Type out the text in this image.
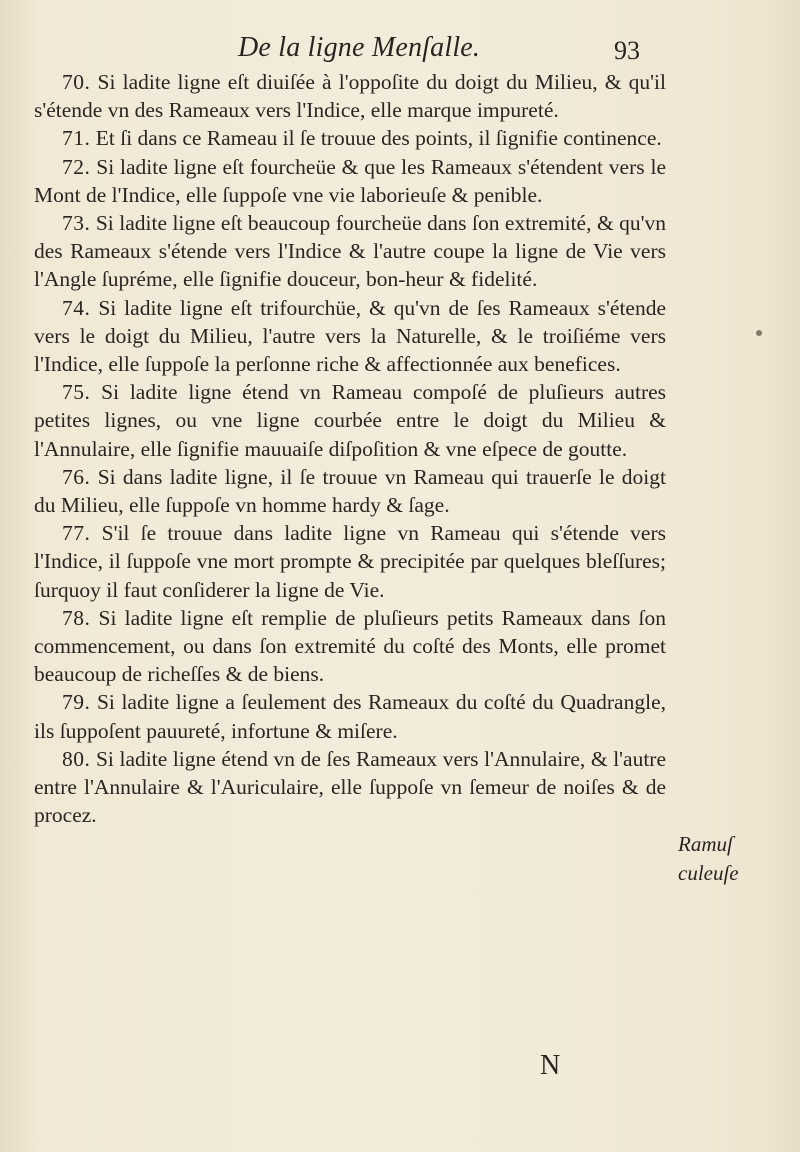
De la ligne Menſalle.	93

70. Si ladite ligne eſt diuiſée à l'oppoſite du doigt du Milieu, & qu'il s'étende vn des Rameaux vers l'Indice, elle marque impureté.

71. Et ſi dans ce Rameau il ſe trouue des points, il ſignifie continence.

72. Si ladite ligne eſt fourcheüe & que les Rameaux s'étendent vers le Mont de l'Indice, elle ſuppoſe vne vie laborieuſe & penible.

73. Si ladite ligne eſt beaucoup fourcheüe dans ſon extremité, & qu'vn des Rameaux s'étende vers l'Indice & l'autre coupe la ligne de Vie vers l'Angle ſupréme, elle ſignifie douceur, bon-heur & fidelité.

74. Si ladite ligne eſt trifourchüe, & qu'vn de ſes Rameaux s'étende vers le doigt du Milieu, l'autre vers la Naturelle, & le troiſiéme vers l'Indice, elle ſuppoſe la perſonne riche & affectionnée aux benefices.

75. Si ladite ligne étend vn Rameau compoſé de pluſieurs autres petites lignes, ou vne ligne courbée entre le doigt du Milieu & l'Annulaire, elle ſignifie mauuaiſe diſpoſition & vne eſpece de goutte.

76. Si dans ladite ligne, il ſe trouue vn Rameau qui trauerſe le doigt du Milieu, elle ſuppoſe vn homme hardy & ſage.

77. S'il ſe trouue dans ladite ligne vn Rameau qui s'étende vers l'Indice, il ſuppoſe vne mort prompte & precipitée par quelques bleſſures; ſurquoy il faut conſiderer la ligne de Vie.

78. Si ladite ligne eſt remplie de pluſieurs petits Rameaux dans ſon commencement, ou dans ſon extremité du coſté des Monts, elle promet beaucoup de richeſſes & de biens.

79. Si ladite ligne a ſeulement des Rameaux du coſté du Quadrangle, ils ſuppoſent pauureté, infortune & miſere.

80. Si ladite ligne étend vn de ſes Rameaux vers l'Annulaire, & l'autre entre l'Annulaire & l'Auriculaire, elle ſuppoſe vn ſemeur de noiſes & de procez.

Ramuſ
culeuſe
N
